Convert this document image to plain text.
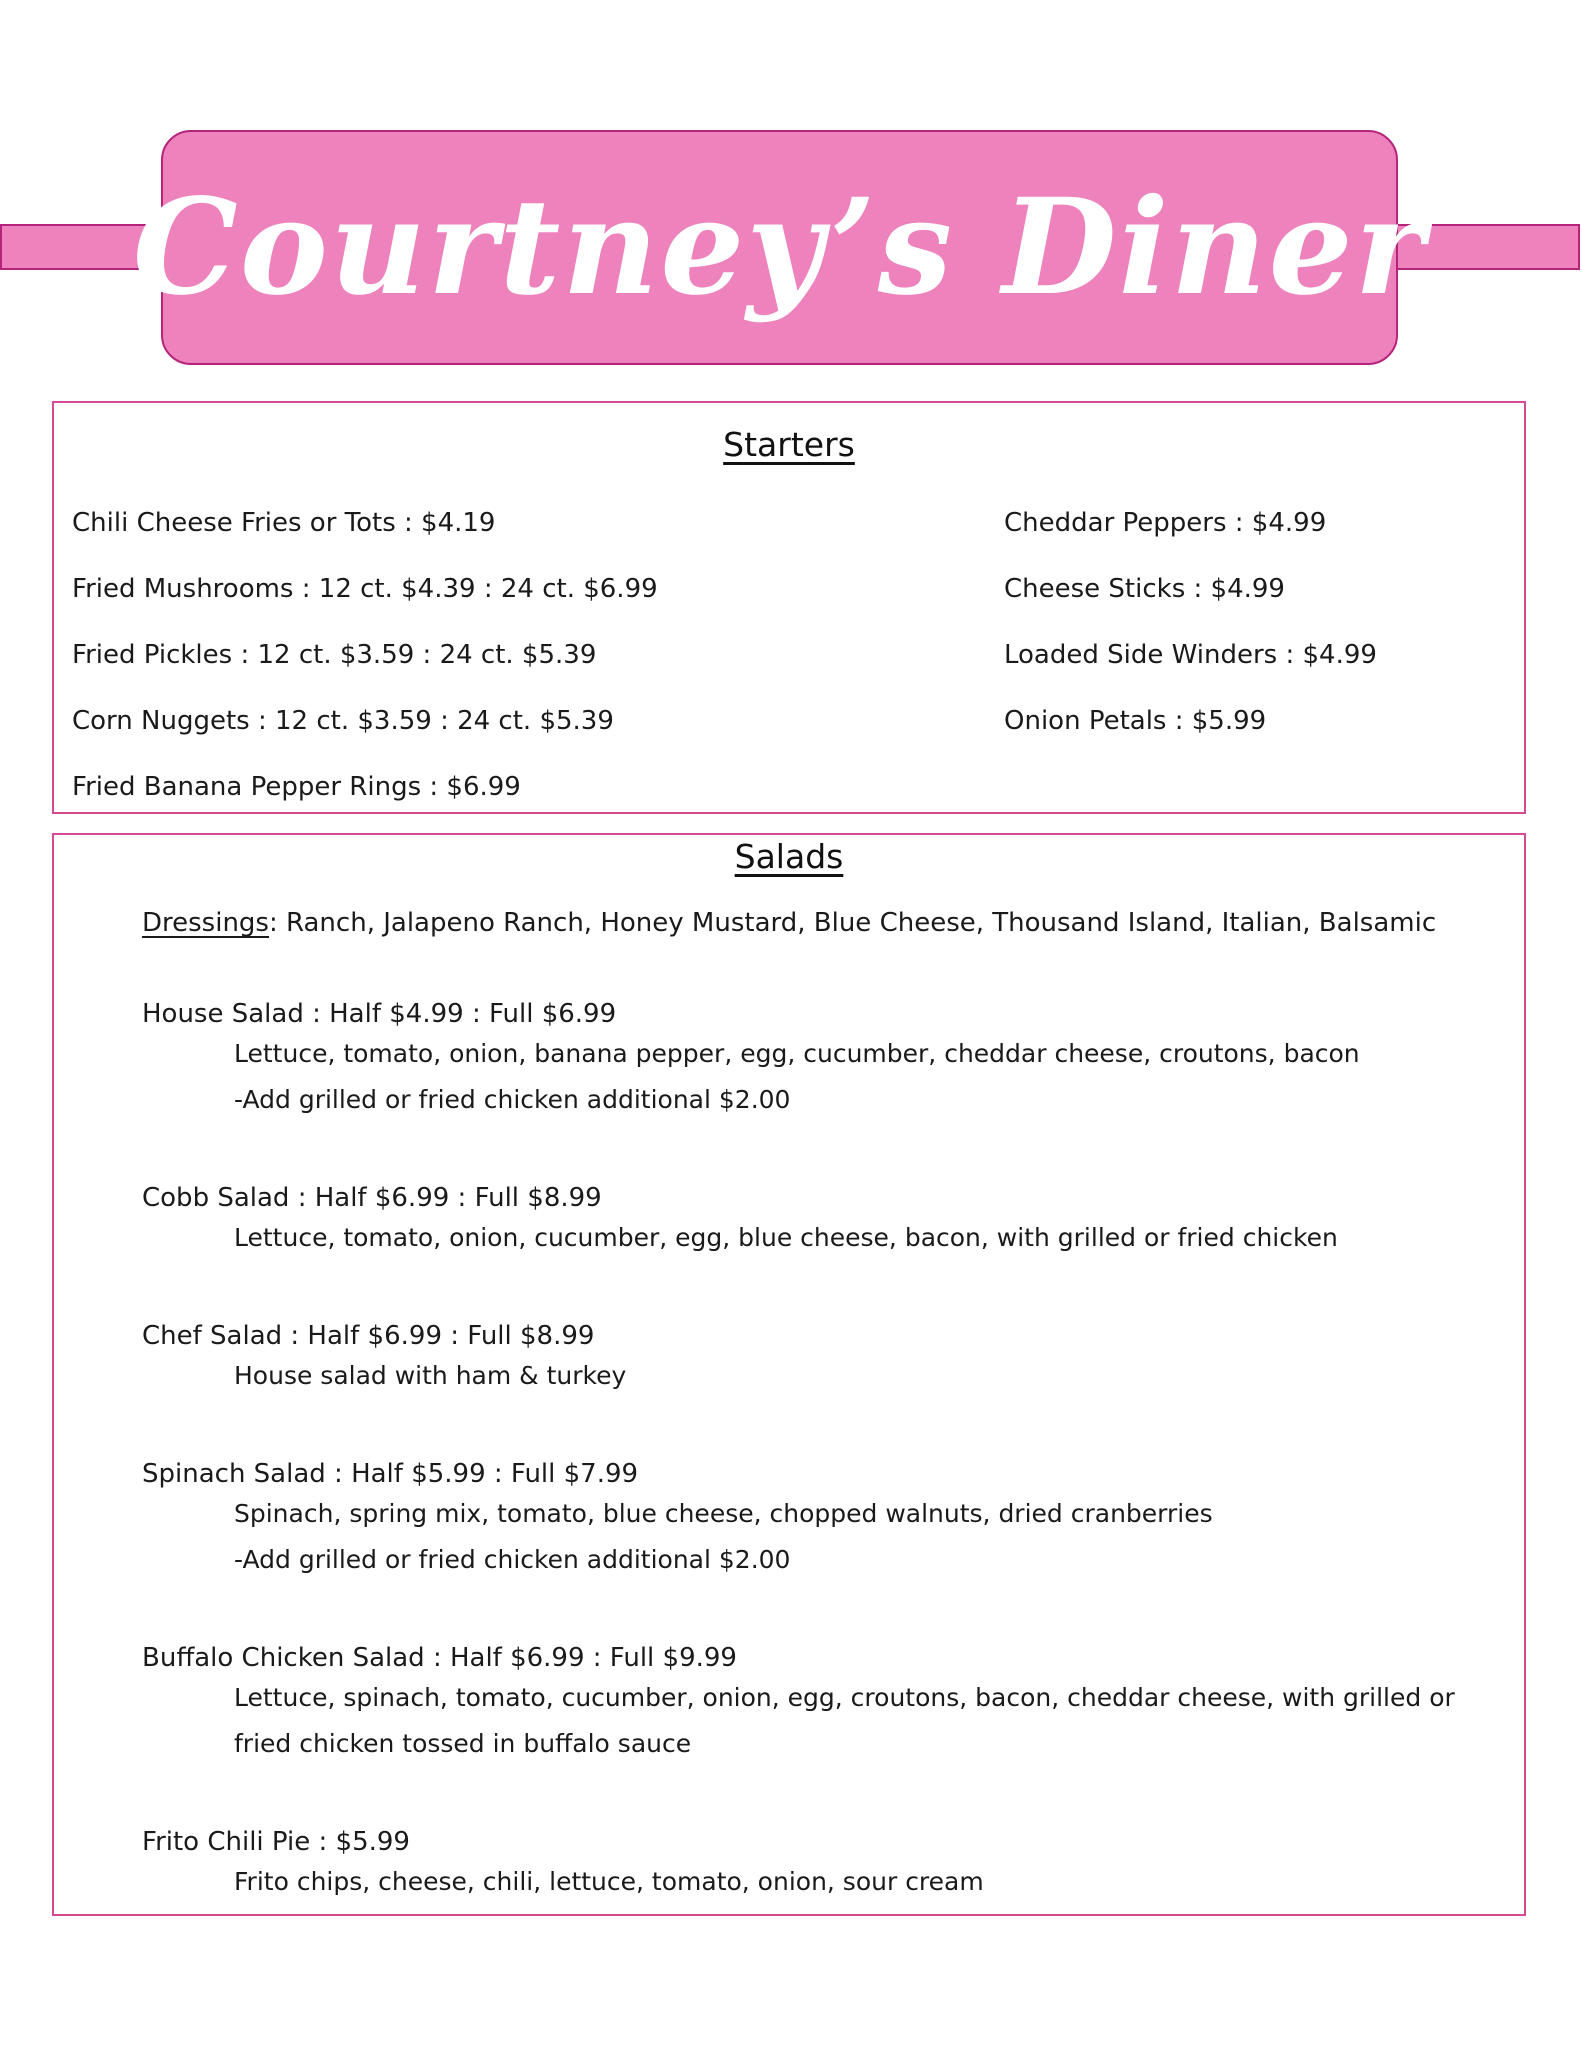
Courtney’s Diner
Starters
Chili Cheese Fries or Tots : $4.19
Fried Mushrooms : 12 ct. $4.39 : 24 ct. $6.99
Fried Pickles : 12 ct. $3.59 : 24 ct. $5.39
Corn Nuggets : 12 ct. $3.59 : 24 ct. $5.39
Fried Banana Pepper Rings : $6.99
Cheddar Peppers : $4.99
Cheese Sticks : $4.99
Loaded Side Winders : $4.99
Onion Petals : $5.99
Salads
Dressings: Ranch, Jalapeno Ranch, Honey Mustard, Blue Cheese, Thousand Island, Italian, Balsamic
House Salad : Half $4.99 : Full $6.99
Lettuce, tomato, onion, banana pepper, egg, cucumber, cheddar cheese, croutons, bacon
-Add grilled or fried chicken additional $2.00
Cobb Salad : Half $6.99 : Full $8.99
Lettuce, tomato, onion, cucumber, egg, blue cheese, bacon, with grilled or fried chicken
Chef Salad : Half $6.99 : Full $8.99
House salad with ham & turkey
Spinach Salad : Half $5.99 : Full $7.99
Spinach, spring mix, tomato, blue cheese, chopped walnuts, dried cranberries
-Add grilled or fried chicken additional $2.00
Buffalo Chicken Salad : Half $6.99 : Full $9.99
Lettuce, spinach, tomato, cucumber, onion, egg, croutons, bacon, cheddar cheese, with grilled or
fried chicken tossed in buffalo sauce
Frito Chili Pie : $5.99
Frito chips, cheese, chili, lettuce, tomato, onion, sour cream
